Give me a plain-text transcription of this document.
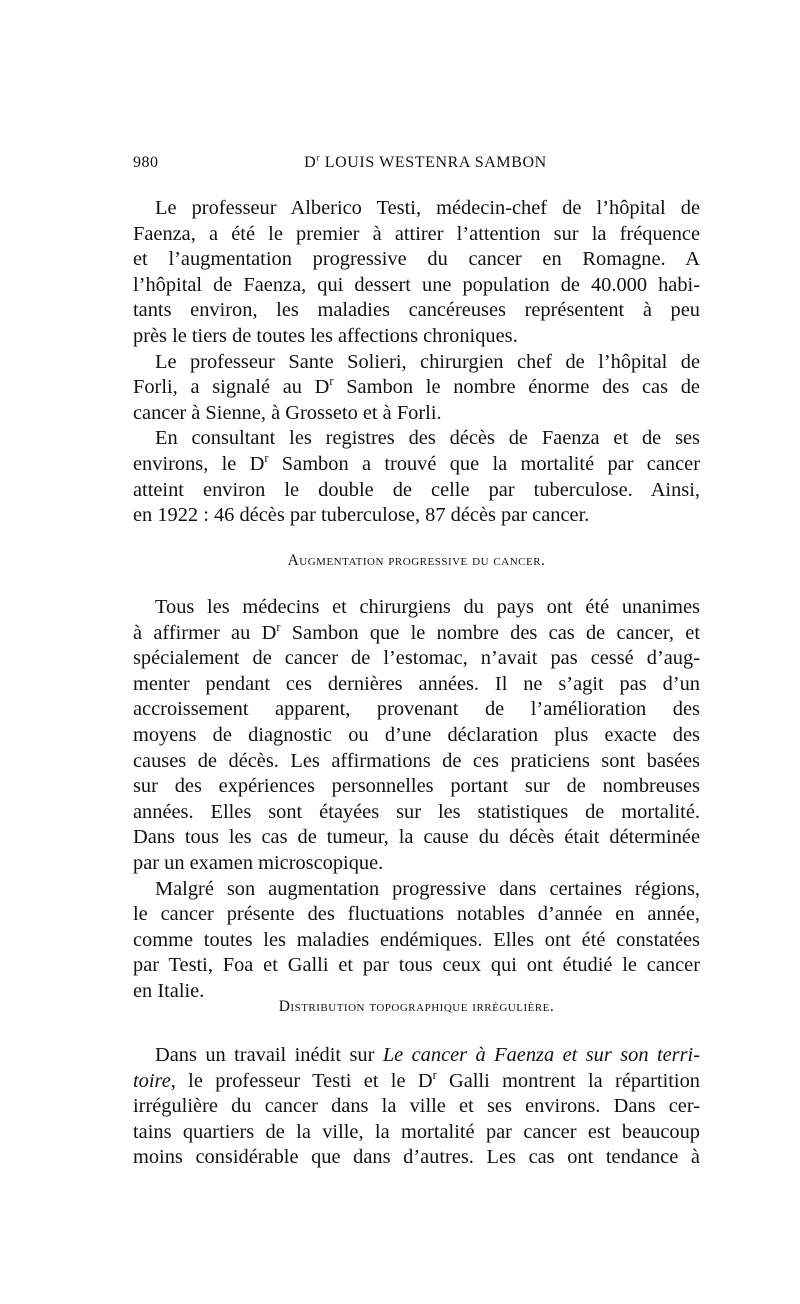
980	$D^r$ LOUIS WESTENRA SAMBON
Le professeur Alberico Testi, médecin-chef de l’hôpital de
Faenza, a été le premier à attirer l’attention sur la fréquence
et l’augmentation progressive du cancer en Romagne. A
l’hôpital de Faenza, qui dessert une population de 40.000 habi-
tants environ, les maladies cancéreuses représentent à peu
près le tiers de toutes les affections chroniques.
Le professeur Sante Solieri, chirurgien chef de l’hôpital de
Forli, a signalé au $D^r$ Sambon le nombre énorme des cas de
cancer à Sienne, à Grosseto et à Forli.
En consultant les registres des décès de Faenza et de ses
environs, le $D^r$ Sambon a trouvé que la mortalité par cancer
atteint environ le double de celle par tuberculose. Ainsi,
en 1922 : 46 décès par tuberculose, 87 décès par cancer.
Augmentation progressive du cancer.
Tous les médecins et chirurgiens du pays ont été unanimes
à affirmer au $D^r$ Sambon que le nombre des cas de cancer, et
spécialement de cancer de l’estomac, n’avait pas cessé d’aug-
menter pendant ces dernières années. Il ne s’agit pas d’un
accroissement apparent, provenant de l’amélioration des
moyens de diagnostic ou d’une déclaration plus exacte des
causes de décès. Les affirmations de ces praticiens sont basées
sur des expériences personnelles portant sur de nombreuses
années. Elles sont étayées sur les statistiques de mortalité.
Dans tous les cas de tumeur, la cause du décès était déterminée
par un examen microscopique.
Malgré son augmentation progressive dans certaines régions,
le cancer présente des fluctuations notables d’année en année,
comme toutes les maladies endémiques. Elles ont été constatées
par Testi, Foa et Galli et par tous ceux qui ont étudié le cancer
en Italie.
Distribution topographique irrégulière.
Dans un travail inédit sur Le cancer à Faenza et sur son terri-
toire, le professeur Testi et le $D^r$ Galli montrent la répartition
irrégulière du cancer dans la ville et ses environs. Dans cer-
tains quartiers de la ville, la mortalité par cancer est beaucoup
moins considérable que dans d’autres. Les cas ont tendance à
